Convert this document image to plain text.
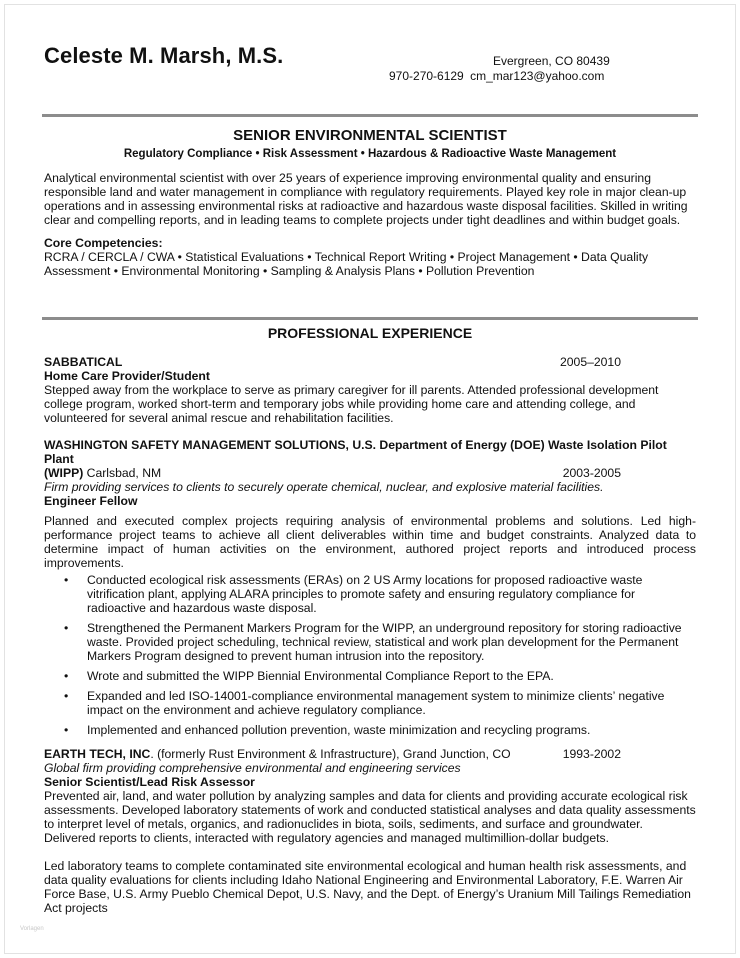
Celeste M. Marsh, M.S.	Evergreen, CO 80439
970-270-6129 cm_mar123@yahoo.com
SENIOR ENVIRONMENTAL SCIENTIST
Regulatory Compliance • Risk Assessment • Hazardous & Radioactive Waste Management
Analytical environmental scientist with over 25 years of experience improving environmental quality and ensuring responsible land and water management in compliance with regulatory requirements. Played key role in major clean-up operations and in assessing environmental risks at radioactive and hazardous waste disposal facilities. Skilled in writing clear and compelling reports, and in leading teams to complete projects under tight deadlines and within budget goals.
Core Competencies:
RCRA / CERCLA / CWA • Statistical Evaluations • Technical Report Writing • Project Management • Data Quality Assessment • Environmental Monitoring • Sampling & Analysis Plans • Pollution Prevention
PROFESSIONAL EXPERIENCE
SABBATICAL	2005–2010
Home Care Provider/Student
Stepped away from the workplace to serve as primary caregiver for ill parents. Attended professional development college program, worked short-term and temporary jobs while providing home care and attending college, and volunteered for several animal rescue and rehabilitation facilities.
WASHINGTON SAFETY MANAGEMENT SOLUTIONS, U.S. Department of Energy (DOE) Waste Isolation Pilot Plant
(WIPP) Carlsbad, NM	2003-2005
Firm providing services to clients to securely operate chemical, nuclear, and explosive material facilities.
Engineer Fellow
Planned and executed complex projects requiring analysis of environmental problems and solutions. Led high-performance project teams to achieve all client deliverables within time and budget constraints. Analyzed data to determine impact of human activities on the environment, authored project reports and introduced process improvements.
• Conducted ecological risk assessments (ERAs) on 2 US Army locations for proposed radioactive waste vitrification plant, applying ALARA principles to promote safety and ensuring regulatory compliance for radioactive and hazardous waste disposal.
• Strengthened the Permanent Markers Program for the WIPP, an underground repository for storing radioactive waste. Provided project scheduling, technical review, statistical and work plan development for the Permanent Markers Program designed to prevent human intrusion into the repository.
• Wrote and submitted the WIPP Biennial Environmental Compliance Report to the EPA.
• Expanded and led ISO-14001-compliance environmental management system to minimize clients’ negative impact on the environment and achieve regulatory compliance.
• Implemented and enhanced pollution prevention, waste minimization and recycling programs.
EARTH TECH, INC. (formerly Rust Environment & Infrastructure), Grand Junction, CO	1993-2002
Global firm providing comprehensive environmental and engineering services
Senior Scientist/Lead Risk Assessor
Prevented air, land, and water pollution by analyzing samples and data for clients and providing accurate ecological risk assessments. Developed laboratory statements of work and conducted statistical analyses and data quality assessments to interpret level of metals, organics, and radionuclides in biota, soils, sediments, and surface and groundwater. Delivered reports to clients, interacted with regulatory agencies and managed multimillion-dollar budgets.
Led laboratory teams to complete contaminated site environmental ecological and human health risk assessments, and data quality evaluations for clients including Idaho National Engineering and Environmental Laboratory, F.E. Warren Air Force Base, U.S. Army Pueblo Chemical Depot, U.S. Navy, and the Dept. of Energy’s Uranium Mill Tailings Remediation Act projects
Vorlagen
